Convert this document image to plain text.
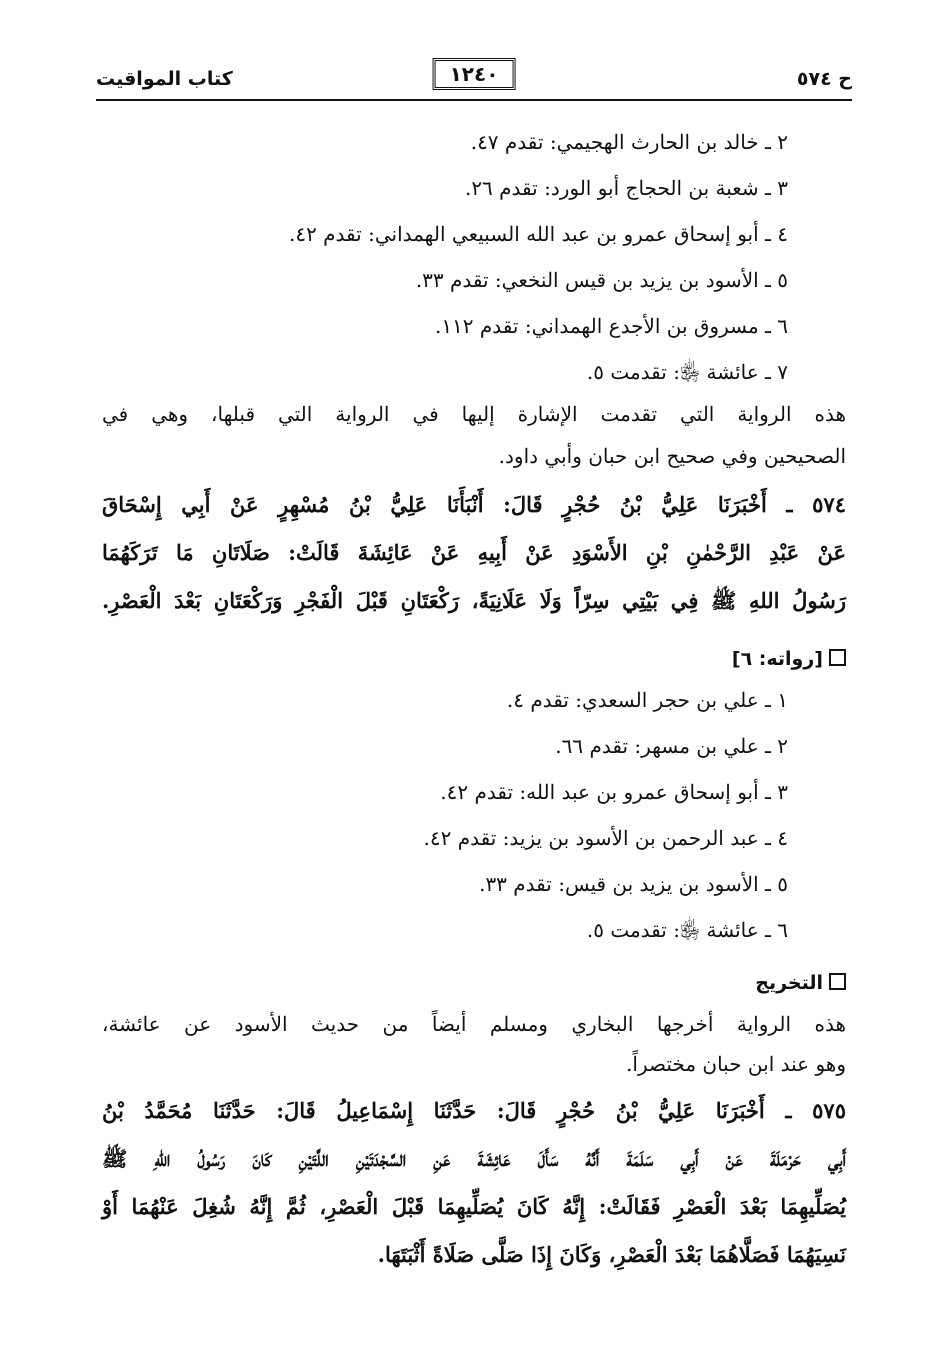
كتاب المواقيت	١٢٤٠	ح ٥٧٤
٢ ـ خالد بن الحارث الهجيمي: تقدم ٤٧.
٣ ـ شعبة بن الحجاج أبو الورد: تقدم ٢٦.
٤ ـ أبو إسحاق عمرو بن عبد الله السبيعي الهمداني: تقدم ٤٢.
٥ ـ الأسود بن يزيد بن قيس النخعي: تقدم ٣٣.
٦ ـ مسروق بن الأجدع الهمداني: تقدم ١١٢.
٧ ـ عائشة ﵂: تقدمت ٥.
هذه الرواية التي تقدمت الإشارة إليها في الرواية التي قبلها، وهي في
الصحيحين وفي صحيح ابن حبان وأبي داود.
٥٧٤ ـ أَخْبَرَنَا عَلِيُّ بْنُ حُجْرٍ قَالَ: أَنْبَأَنَا عَلِيُّ بْنُ مُسْهِرٍ عَنْ أَبِي إِسْحَاقَ
عَنْ عَبْدِ الرَّحْمٰنِ بْنِ الأَسْوَدِ عَنْ أَبِيهِ عَنْ عَائِشَةَ قَالَتْ: صَلَاتَانِ مَا تَرَكَهُمَا
رَسُولُ اللهِ ﷺ فِي بَيْتِي سِرّاً وَلَا عَلَانِيَةً، رَكْعَتَانِ قَبْلَ الْفَجْرِ وَرَكْعَتَانِ بَعْدَ الْعَصْرِ.
[رواته: ٦]
١ ـ علي بن حجر السعدي: تقدم ٤.
٢ ـ علي بن مسهر: تقدم ٦٦.
٣ ـ أبو إسحاق عمرو بن عبد الله: تقدم ٤٢.
٤ ـ عبد الرحمن بن الأسود بن يزيد: تقدم ٤٢.
٥ ـ الأسود بن يزيد بن قيس: تقدم ٣٣.
٦ ـ عائشة ﵂: تقدمت ٥.
التخريج
هذه الرواية أخرجها البخاري ومسلم أيضاً من حديث الأسود عن عائشة،
وهو عند ابن حبان مختصراً.
٥٧٥ ـ أَخْبَرَنَا عَلِيُّ بْنُ حُجْرٍ قَالَ: حَدَّثَنَا إِسْمَاعِيلُ قَالَ: حَدَّثَنَا مُحَمَّدُ بْنُ
أَبِي حَرْمَلَةَ عَنْ أَبِي سَلَمَةَ أَنَّهُ سَأَلَ عَائِشَةَ عَنِ السَّجْدَتَيْنِ اللَّتَيْنِ كَانَ رَسُولُ اللهِ ﷺ
يُصَلِّيهِمَا بَعْدَ الْعَصْرِ فَقَالَتْ: إِنَّهُ كَانَ يُصَلِّيهِمَا قَبْلَ الْعَصْرِ، ثُمَّ إِنَّهُ شُغِلَ عَنْهُمَا أَوْ
نَسِيَهُمَا فَصَلَّاهُمَا بَعْدَ الْعَصْرِ، وَكَانَ إِذَا صَلَّى صَلَاةً أَثْبَتَهَا.
